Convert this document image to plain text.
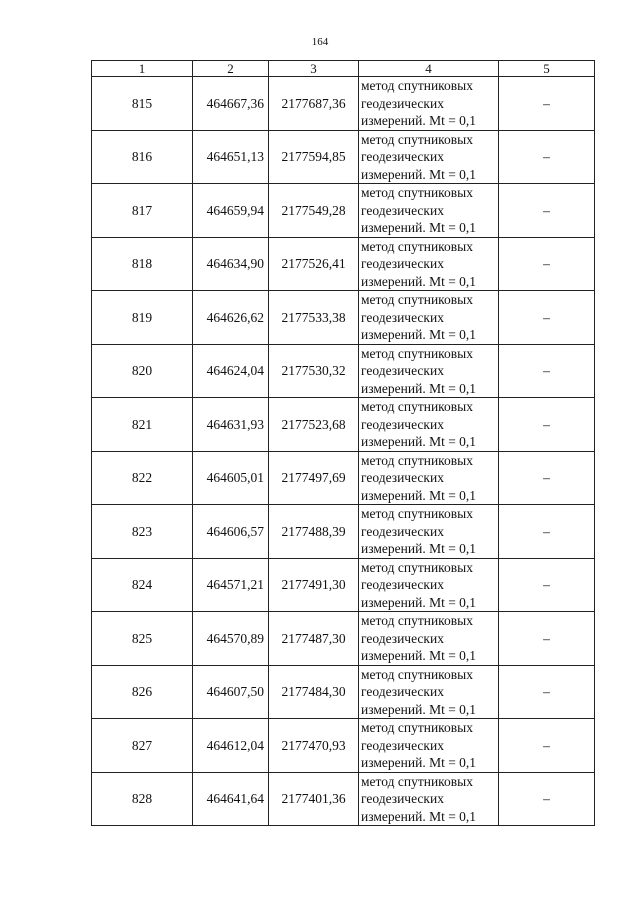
164
1	2	3	4	5
815	464667,36	2177687,36	метод спутниковых геодезических измерений. Mt = 0,1	–
816	464651,13	2177594,85	метод спутниковых геодезических измерений. Mt = 0,1	–
817	464659,94	2177549,28	метод спутниковых геодезических измерений. Mt = 0,1	–
818	464634,90	2177526,41	метод спутниковых геодезических измерений. Mt = 0,1	–
819	464626,62	2177533,38	метод спутниковых геодезических измерений. Mt = 0,1	–
820	464624,04	2177530,32	метод спутниковых геодезических измерений. Mt = 0,1	–
821	464631,93	2177523,68	метод спутниковых геодезических измерений. Mt = 0,1	–
822	464605,01	2177497,69	метод спутниковых геодезических измерений. Mt = 0,1	–
823	464606,57	2177488,39	метод спутниковых геодезических измерений. Mt = 0,1	–
824	464571,21	2177491,30	метод спутниковых геодезических измерений. Mt = 0,1	–
825	464570,89	2177487,30	метод спутниковых геодезических измерений. Mt = 0,1	–
826	464607,50	2177484,30	метод спутниковых геодезических измерений. Mt = 0,1	–
827	464612,04	2177470,93	метод спутниковых геодезических измерений. Mt = 0,1	–
828	464641,64	2177401,36	метод спутниковых геодезических измерений. Mt = 0,1	–
